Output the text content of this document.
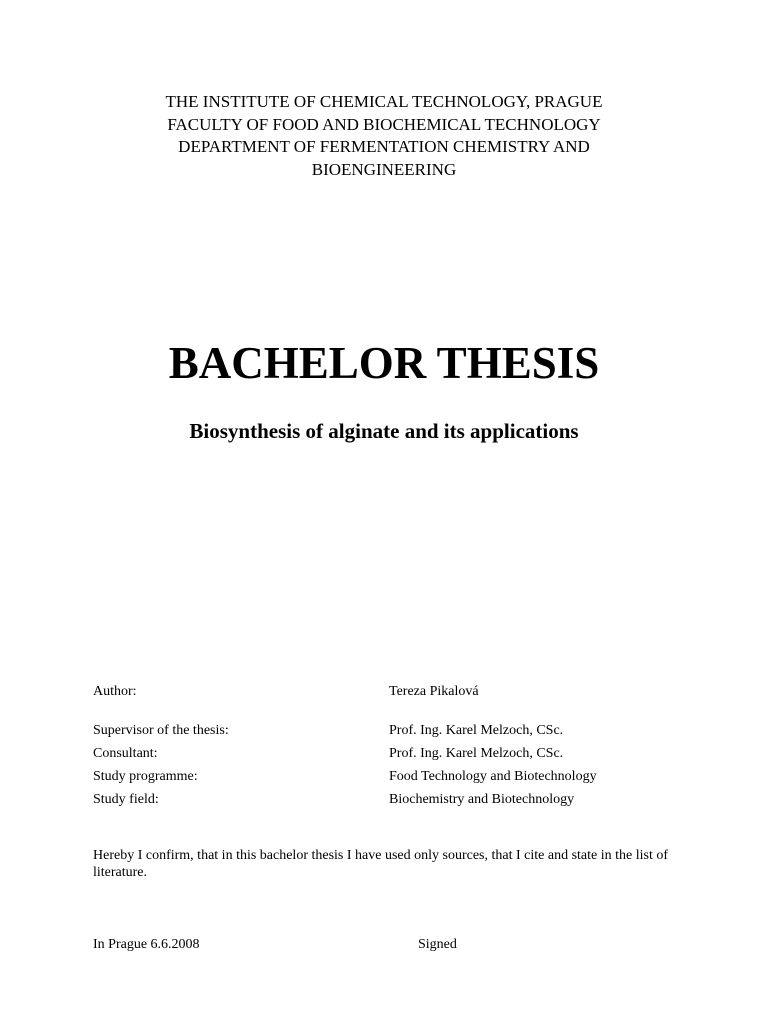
THE INSTITUTE OF CHEMICAL TECHNOLOGY, PRAGUE
FACULTY OF FOOD AND BIOCHEMICAL TECHNOLOGY
DEPARTMENT OF FERMENTATION CHEMISTRY AND
BIOENGINEERING
BACHELOR THESIS
Biosynthesis of alginate and its applications
Author:	Tereza Pikalová
Supervisor of the thesis:	Prof. Ing. Karel Melzoch, CSc.
Consultant:	Prof. Ing. Karel Melzoch, CSc.
Study programme:	Food Technology and Biotechnology
Study field:	Biochemistry and Biotechnology
Hereby I confirm, that in this bachelor thesis I have used only sources, that I cite and state in the list of literature.
In Prague 6.6.2008	Signed
